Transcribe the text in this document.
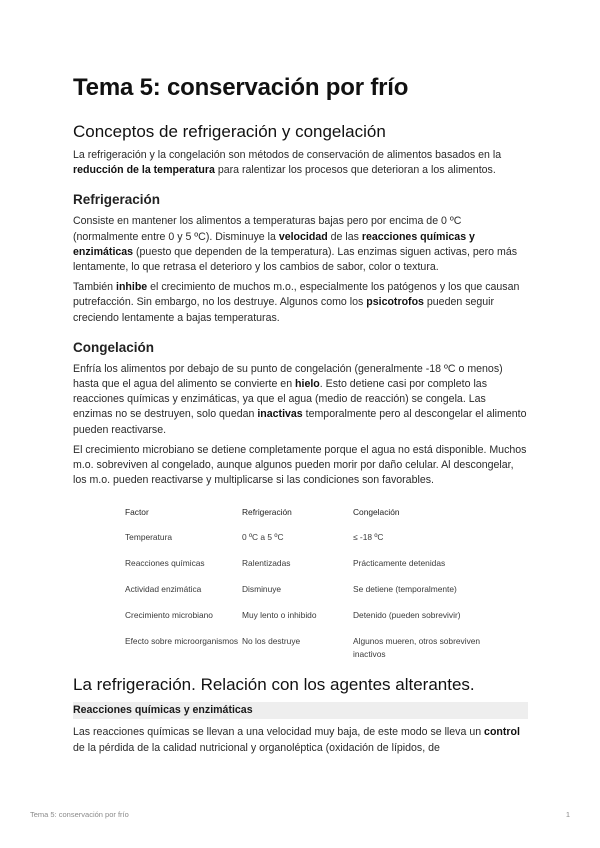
Tema 5: conservación por frío
Conceptos de refrigeración y congelación

La refrigeración y la congelación son métodos de conservación de alimentos basados en la reducción de la temperatura para ralentizar los procesos que deterioran a los alimentos.

Refrigeración

Consiste en mantener los alimentos a temperaturas bajas pero por encima de 0 ºC (normalmente entre 0 y 5 ºC). Disminuye la velocidad de las reacciones químicas y enzimáticas (puesto que dependen de la temperatura). Las enzimas siguen activas, pero más lentamente, lo que retrasa el deterioro y los cambios de sabor, color o textura.

También inhibe el crecimiento de muchos m.o., especialmente los patógenos y los que causan putrefacción. Sin embargo, no los destruye. Algunos como los psicotrofos pueden seguir creciendo lentamente a bajas temperaturas.

Congelación

Enfría los alimentos por debajo de su punto de congelación (generalmente -18 ºC o menos) hasta que el agua del alimento se convierte en hielo. Esto detiene casi por completo las reacciones químicas y enzimáticas, ya que el agua (medio de reacción) se congela. Las enzimas no se destruyen, solo quedan inactivas temporalmente pero al descongelar el alimento pueden reactivarse.

El crecimiento microbiano se detiene completamente porque el agua no está disponible. Muchos m.o. sobreviven al congelado, aunque algunos pueden morir por daño celular. Al descongelar, los m.o. pueden reactivarse y multiplicarse si las condiciones son favorables.

Factor	Refrigeración	Congelación
Temperatura	0 ºC a 5 ºC	≤ -18 ºC
Reacciones químicas	Ralentizadas	Prácticamente detenidas
Actividad enzimática	Disminuye	Se detiene (temporalmente)
Crecimiento microbiano	Muy lento o inhibido	Detenido (pueden sobrevivir)
Efecto sobre microorganismos	No los destruye	Algunos mueren, otros sobreviven inactivos
La refrigeración. Relación con los agentes alterantes.
Reacciones químicas y enzimáticas

Las reacciones químicas se llevan a una velocidad muy baja, de este modo se lleva un control de la pérdida de la calidad nutricional y organoléptica (oxidación de lípidos, de

Tema 5: conservación por frío	1
